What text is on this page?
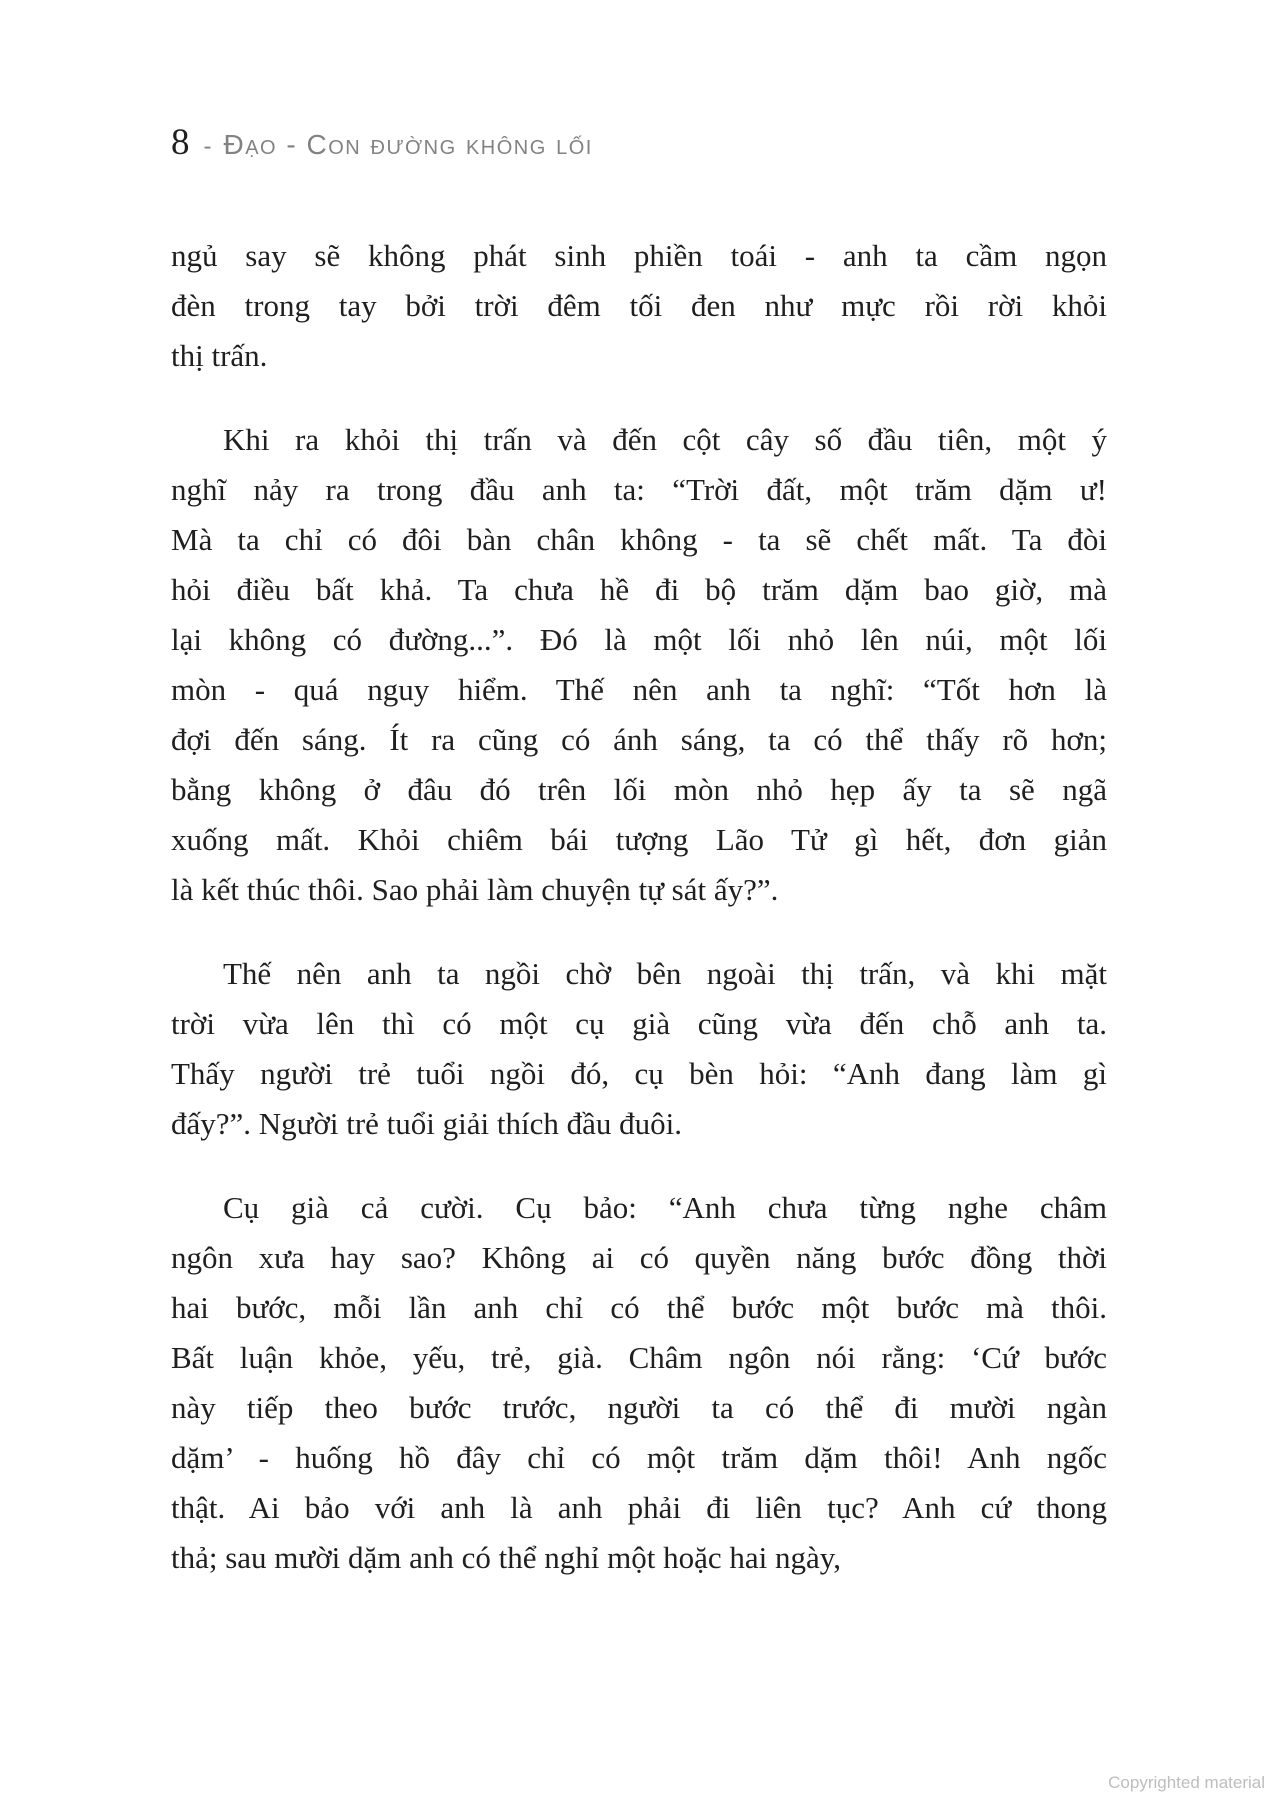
8 - Đạo - Con đường không lối
ngủ say sẽ không phát sinh phiền toái - anh ta cầm ngọn
đèn trong tay bởi trời đêm tối đen như mực rồi rời khỏi
thị trấn.
Khi ra khỏi thị trấn và đến cột cây số đầu tiên, một ý
nghĩ nảy ra trong đầu anh ta: “Trời đất, một trăm dặm ư!
Mà ta chỉ có đôi bàn chân không - ta sẽ chết mất. Ta đòi
hỏi điều bất khả. Ta chưa hề đi bộ trăm dặm bao giờ, mà
lại không có đường...”. Đó là một lối nhỏ lên núi, một lối
mòn - quá nguy hiểm. Thế nên anh ta nghĩ: “Tốt hơn là
đợi đến sáng. Ít ra cũng có ánh sáng, ta có thể thấy rõ hơn;
bằng không ở đâu đó trên lối mòn nhỏ hẹp ấy ta sẽ ngã
xuống mất. Khỏi chiêm bái tượng Lão Tử gì hết, đơn giản
là kết thúc thôi. Sao phải làm chuyện tự sát ấy?”.
Thế nên anh ta ngồi chờ bên ngoài thị trấn, và khi mặt
trời vừa lên thì có một cụ già cũng vừa đến chỗ anh ta.
Thấy người trẻ tuổi ngồi đó, cụ bèn hỏi: “Anh đang làm gì
đấy?”. Người trẻ tuổi giải thích đầu đuôi.
Cụ già cả cười. Cụ bảo: “Anh chưa từng nghe châm
ngôn xưa hay sao? Không ai có quyền năng bước đồng thời
hai bước, mỗi lần anh chỉ có thể bước một bước mà thôi.
Bất luận khỏe, yếu, trẻ, già. Châm ngôn nói rằng: ‘Cứ bước
này tiếp theo bước trước, người ta có thể đi mười ngàn
dặm’ - huống hồ đây chỉ có một trăm dặm thôi! Anh ngốc
thật. Ai bảo với anh là anh phải đi liên tục? Anh cứ thong
thả; sau mười dặm anh có thể nghỉ một hoặc hai ngày,
Copyrighted material
